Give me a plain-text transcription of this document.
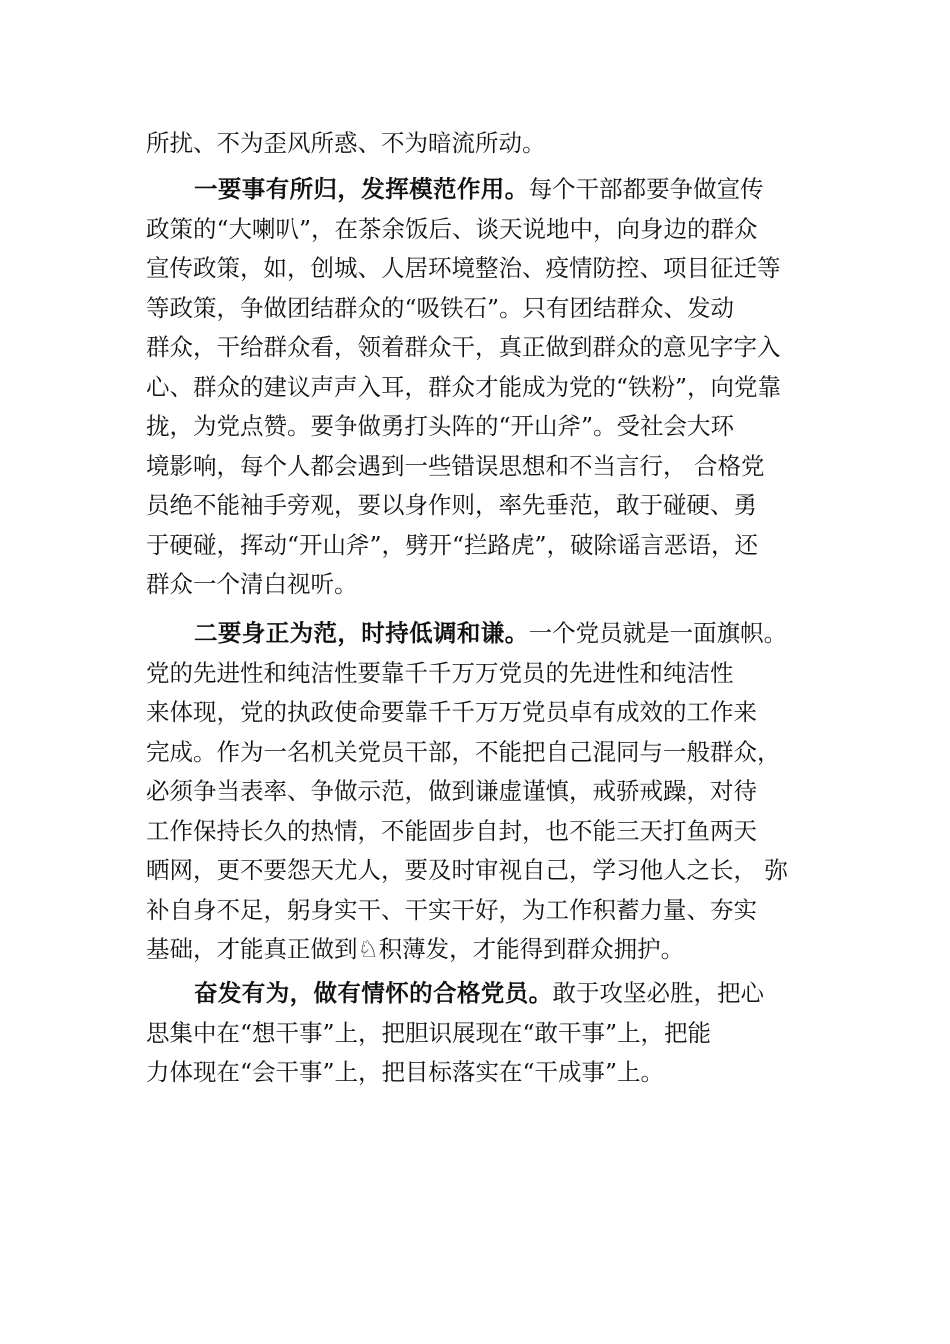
所扰、不为歪风所惑、不为暗流所动。
一要事有所归，发挥模范作用。每个干部都要争做宣传
政策的“大喇叭”，在茶余饭后、谈天说地中，向身边的群众
宣传政策，如，创城、人居环境整治、疫情防控、项目征迁等
等政策，争做团结群众的“吸铁石”。只有团结群众、发动
群众，干给群众看，领着群众干，真正做到群众的意见字字入
心、群众的建议声声入耳，群众才能成为党的“铁粉”，向党靠
拢，为党点赞。要争做勇打头阵的“开山斧”。受社会大环
境影响，每个人都会遇到一些错误思想和不当言行， 合格党
员绝不能袖手旁观，要以身作则，率先垂范，敢于碰硬、勇
于硬碰，挥动“开山斧”，劈开“拦路虎”，破除谣言恶语，还
群众一个清白视听。
二要身正为范，时持低调和谦。一个党员就是一面旗帜。
党的先进性和纯洁性要靠千千万万党员的先进性和纯洁性
来体现，党的执政使命要靠千千万万党员卓有成效的工作来
完成。作为一名机关党员干部，不能把自己混同与一般群众，
必须争当表率、争做示范，做到谦虚谨慎，戒骄戒躁，对待
工作保持长久的热情，不能固步自封，也不能三天打鱼两天
晒网，更不要怨天尤人，要及时审视自己，学习他人之长， 弥
补自身不足，躬身实干、干实干好，为工作积蓄力量、夯实
基础，才能真正做到♘积薄发，才能得到群众拥护。
奋发有为，做有情怀的合格党员。敢于攻坚必胜，把心
思集中在“想干事”上，把胆识展现在“敢干事”上，把能
力体现在“会干事”上，把目标落实在“干成事”上。
